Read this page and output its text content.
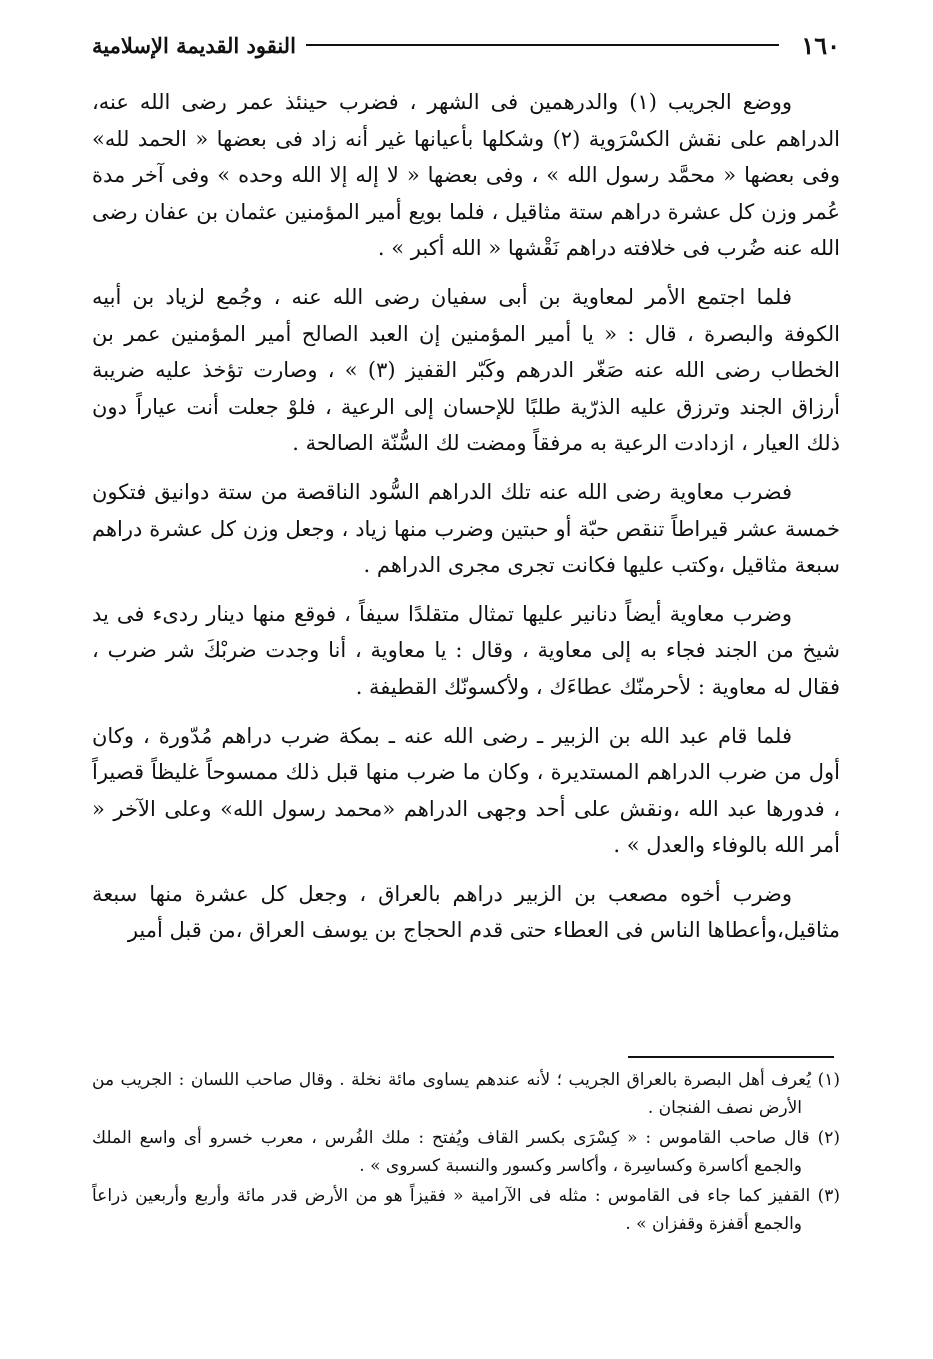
١٦٠
النقود القديمة الإسلامية

ووضع الجريب (١) والدرهمين فى الشهر ، فضرب حينئذ عمر رضى الله عنه، الدراهم على نقش الكسْرَوية (٢) وشكلها بأعيانها غير أنه زاد فى بعضها « الحمد لله» وفى بعضها « محمَّد رسول الله » ، وفى بعضها « لا إله إلا الله وحده » وفى آخر مدة عُمر وزن كل عشرة دراهم ستة مثاقيل ، فلما بويع أمير المؤمنين عثمان بن عفان رضى الله عنه ضُرب فى خلافته دراهم نَقْشها « الله أكبر » .

فلما اجتمع الأمر لمعاوية بن أبى سفيان رضى الله عنه ، وجُمع لزياد بن أبيه الكوفة والبصرة ، قال : « يا أمير المؤمنين إن العبد الصالح أمير المؤمنين عمر بن الخطاب رضى الله عنه صَغّر الدرهم وكَبّر القفيز (٣) » ، وصارت تؤخذ عليه ضريبة أرزاق الجند وترزق عليه الذرّية طلبًا للإحسان إلى الرعية ، فلوْ جعلت أنت عياراً دون ذلك العيار ، ازدادت الرعية به مرفقاً ومضت لك السُّنّة الصالحة .

فضرب معاوية رضى الله عنه تلك الدراهم السُّود الناقصة من ستة دوانيق فتكون خمسة عشر قيراطاً تنقص حبّة أو حبتين وضرب منها زياد ، وجعل وزن كل عشرة دراهم سبعة مثاقيل ،وكتب عليها فكانت تجرى مجرى الدراهم .

وضرب معاوية أيضاً دنانير عليها تمثال متقلدًا سيفاً ، فوقع منها دينار ردىء فى يد شيخ من الجند فجاء به إلى معاوية ، وقال : يا معاوية ، أنا وجدت ضربْكَ شر ضرب ، فقال له معاوية : لأحرمنّك عطاءَك ، ولأكسونّك القطيفة .

فلما قام عبد الله بن الزبير ـ رضى الله عنه ـ بمكة ضرب دراهم مُدّورة ، وكان أول من ضرب الدراهم المستديرة ، وكان ما ضرب منها قبل ذلك ممسوحاً غليظاً قصيراً ، فدورها عبد الله ،ونقش على أحد وجهى الدراهم «محمد رسول الله» وعلى الآخر « أمر الله بالوفاء والعدل » .

وضرب أخوه مصعب بن الزبير دراهم بالعراق ، وجعل كل عشرة منها سبعة مثاقيل،وأعطاها الناس فى العطاء حتى قدم الحجاج بن يوسف العراق ،من قبل أمير

(١) يُعرف أهل البصرة بالعراق الجريب ؛ لأنه عندهم يساوى مائة نخلة . وقال صاحب اللسان : الجريب من الأرض نصف الفنجان .

(٢) قال صاحب القاموس : « كِسْرَى بكسر القاف ويُفتح : ملك الفُرس ، معرب خسرو أى واسع الملك والجمع أكاسرة وكساسِرة ، وأكاسر وكسور والنسبة كسروى » .

(٣) القفيز كما جاء فى القاموس : مثله فى الآرامية « فقيزاً هو من الأرض قدر مائة وأربع وأربعين ذراعاً والجمع أقفزة وقفزان » .
